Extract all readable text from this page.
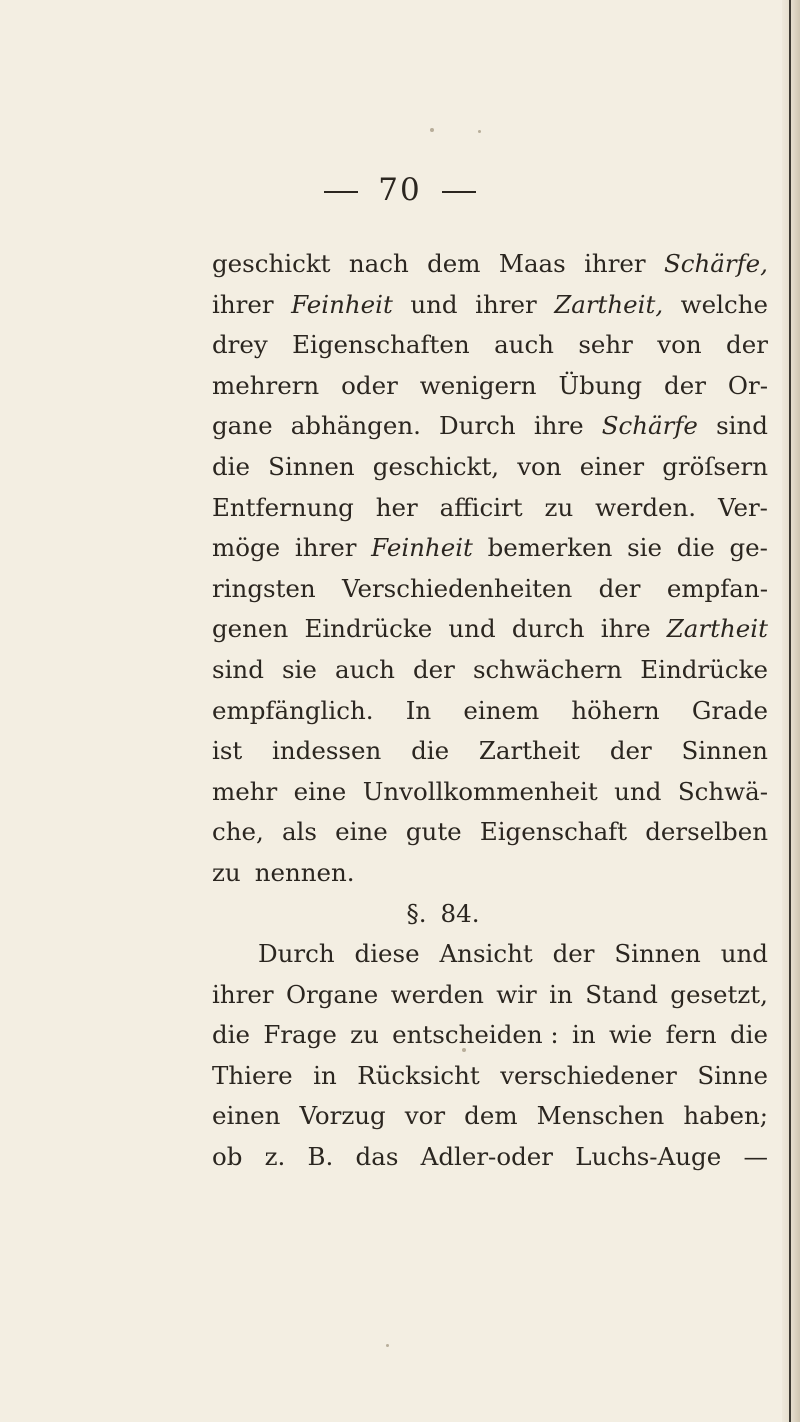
70
geschickt nach dem Maas ihrer Schärfe,
ihrer Feinheit und ihrer Zartheit, welche
drey Eigenschaften auch sehr von der
mehrern oder wenigern Übung der Or-
gane abhängen. Durch ihre Schärfe sind
die Sinnen geschickt, von einer gröſsern
Entfernung her afficirt zu werden. Ver-
möge ihrer Feinheit bemerken sie die ge-
ringsten Verschiedenheiten der empfan-
genen Eindrücke und durch ihre Zartheit
sind sie auch der schwächern Eindrücke
empfänglich. In einem höhern Grade
ist indessen die Zartheit der Sinnen
mehr eine Unvollkommenheit und Schwä-
che, als eine gute Eigenschaft derselben
zu nennen.
§. 84.
Durch diese Ansicht der Sinnen und
ihrer Organe werden wir in Stand gesetzt,
die Frage zu entscheiden : in wie fern die
Thiere in Rücksicht verschiedener Sinne
einen Vorzug vor dem Menschen haben;
ob z. B. das Adler-oder Luchs-Auge —
